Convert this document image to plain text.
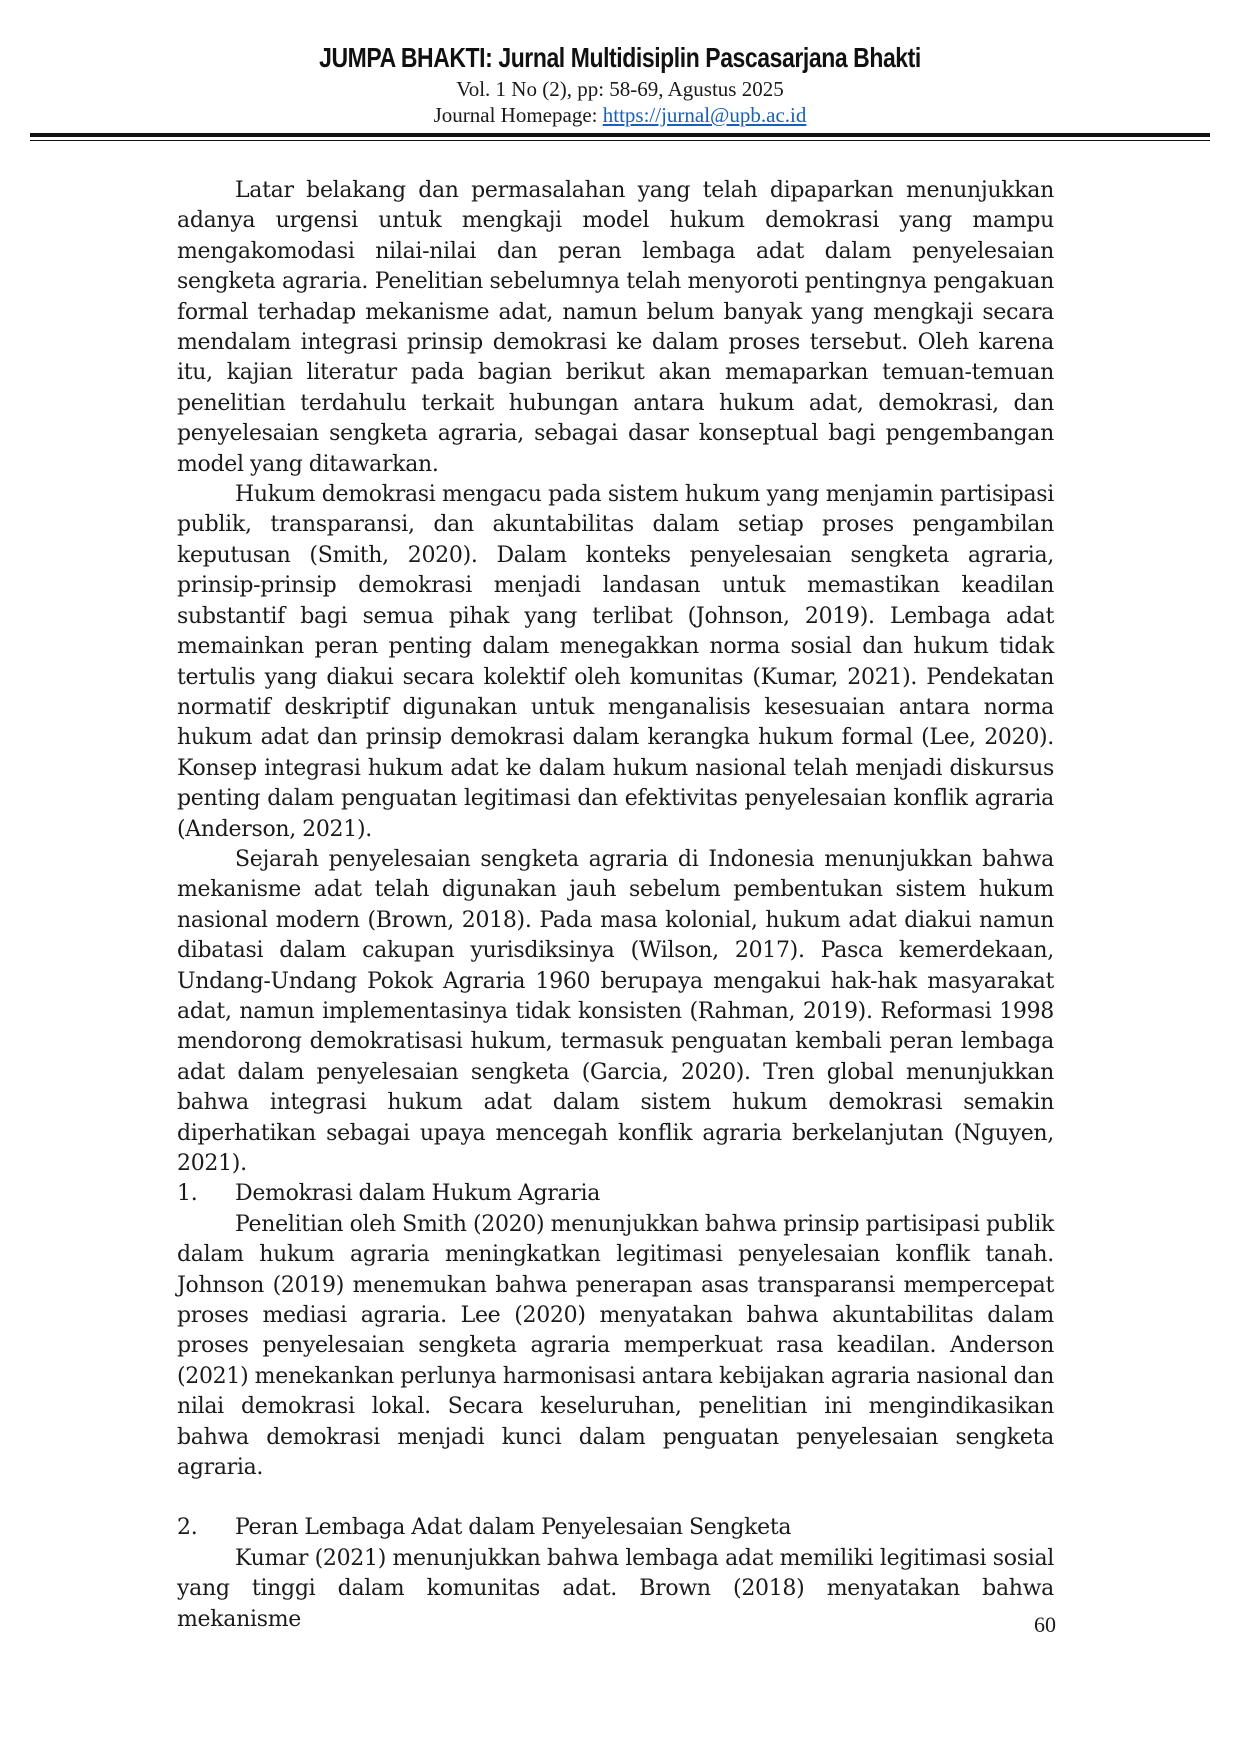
JUMPA BHAKTI: Jurnal Multidisiplin Pascasarjana Bhakti
Vol. 1 No (2), pp: 58-69, Agustus 2025
Journal Homepage: https://jurnal@upb.ac.id

Latar belakang dan permasalahan yang telah dipaparkan menunjukkan adanya urgensi untuk mengkaji model hukum demokrasi yang mampu mengakomodasi nilai-nilai dan peran lembaga adat dalam penyelesaian sengketa agraria. Penelitian sebelumnya telah menyoroti pentingnya pengakuan formal terhadap mekanisme adat, namun belum banyak yang mengkaji secara mendalam integrasi prinsip demokrasi ke dalam proses tersebut. Oleh karena itu, kajian literatur pada bagian berikut akan memaparkan temuan-temuan penelitian terdahulu terkait hubungan antara hukum adat, demokrasi, dan penyelesaian sengketa agraria, sebagai dasar konseptual bagi pengembangan model yang ditawarkan.

Hukum demokrasi mengacu pada sistem hukum yang menjamin partisipasi publik, transparansi, dan akuntabilitas dalam setiap proses pengambilan keputusan (Smith, 2020). Dalam konteks penyelesaian sengketa agraria, prinsip-prinsip demokrasi menjadi landasan untuk memastikan keadilan substantif bagi semua pihak yang terlibat (Johnson, 2019). Lembaga adat memainkan peran penting dalam menegakkan norma sosial dan hukum tidak tertulis yang diakui secara kolektif oleh komunitas (Kumar, 2021). Pendekatan normatif deskriptif digunakan untuk menganalisis kesesuaian antara norma hukum adat dan prinsip demokrasi dalam kerangka hukum formal (Lee, 2020). Konsep integrasi hukum adat ke dalam hukum nasional telah menjadi diskursus penting dalam penguatan legitimasi dan efektivitas penyelesaian konflik agraria (Anderson, 2021).

Sejarah penyelesaian sengketa agraria di Indonesia menunjukkan bahwa mekanisme adat telah digunakan jauh sebelum pembentukan sistem hukum nasional modern (Brown, 2018). Pada masa kolonial, hukum adat diakui namun dibatasi dalam cakupan yurisdiksinya (Wilson, 2017). Pasca kemerdekaan, Undang-Undang Pokok Agraria 1960 berupaya mengakui hak-hak masyarakat adat, namun implementasinya tidak konsisten (Rahman, 2019). Reformasi 1998 mendorong demokratisasi hukum, termasuk penguatan kembali peran lembaga adat dalam penyelesaian sengketa (Garcia, 2020). Tren global menunjukkan bahwa integrasi hukum adat dalam sistem hukum demokrasi semakin diperhatikan sebagai upaya mencegah konflik agraria berkelanjutan (Nguyen, 2021).

1.	Demokrasi dalam Hukum Agraria

Penelitian oleh Smith (2020) menunjukkan bahwa prinsip partisipasi publik dalam hukum agraria meningkatkan legitimasi penyelesaian konflik tanah. Johnson (2019) menemukan bahwa penerapan asas transparansi mempercepat proses mediasi agraria. Lee (2020) menyatakan bahwa akuntabilitas dalam proses penyelesaian sengketa agraria memperkuat rasa keadilan. Anderson (2021) menekankan perlunya harmonisasi antara kebijakan agraria nasional dan nilai demokrasi lokal. Secara keseluruhan, penelitian ini mengindikasikan bahwa demokrasi menjadi kunci dalam penguatan penyelesaian sengketa agraria.

2.	Peran Lembaga Adat dalam Penyelesaian Sengketa

Kumar (2021) menunjukkan bahwa lembaga adat memiliki legitimasi sosial yang tinggi dalam komunitas adat. Brown (2018) menyatakan bahwa mekanisme	60
